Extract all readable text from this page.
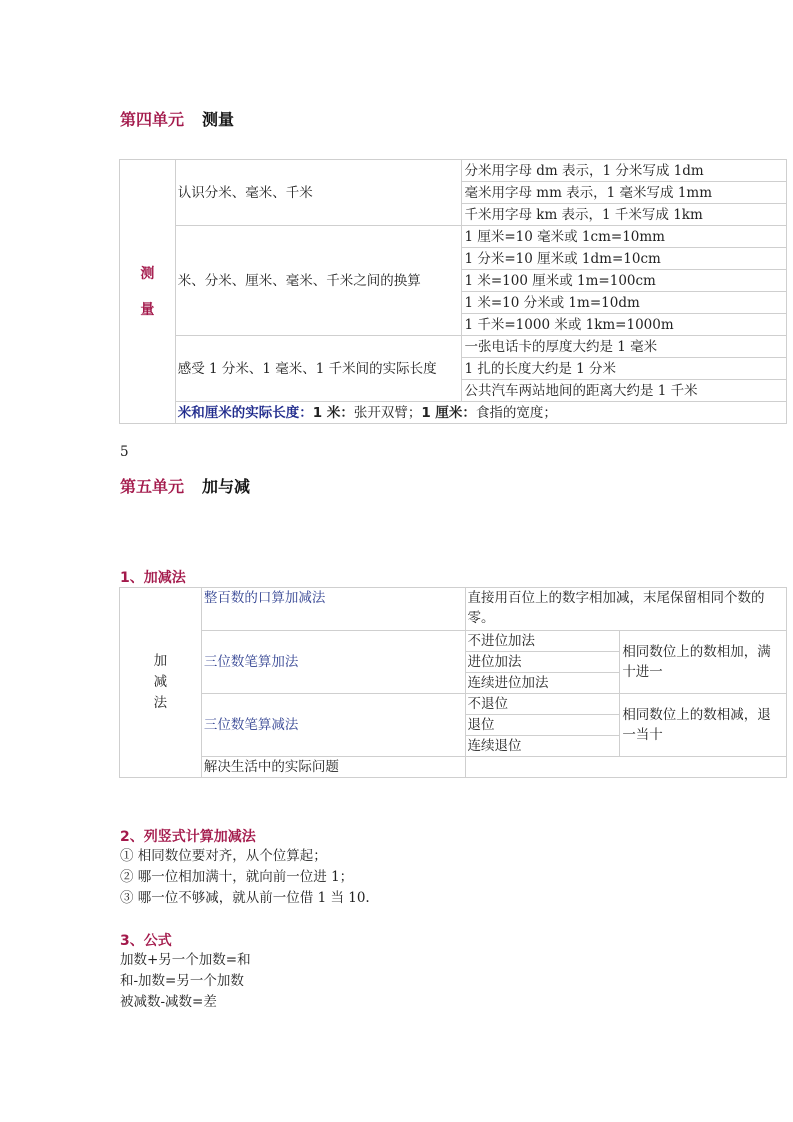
第四单元 测量
测
量	认识分米、毫米、千米	分米用字母 dm 表示，1 分米写成 1dm
		毫米用字母 mm 表示，1 毫米写成 1mm
		千米用字母 km 表示，1 千米写成 1km
	米、分米、厘米、毫米、千米之间的换算	1 厘米=10 毫米或 1cm=10mm
		1 分米=10 厘米或 1dm=10cm
		1 米=100 厘米或 1m=100cm
		1 米=10 分米或 1m=10dm
		1 千米=1000 米或 1km=1000m
	感受 1 分米、1 毫米、1 千米间的实际长度	一张电话卡的厚度大约是 1 毫米
		1 扎的长度大约是 1 分米
		公共汽车两站地间的距离大约是 1 千米
	米和厘米的实际长度：1 米：张开双臂；1 厘米：食指的宽度；	
5
第五单元 加与减
1、加减法
加
减
法	整百数的口算加减法	直接用百位上的数字相加减，末尾保留相同个数的零。	
	三位数笔算加法	不进位加法	相同数位上的数相加，满十进一
		进位加法	
		连续进位加法	
	三位数笔算减法	不退位	相同数位上的数相减，退一当十
		退位	
		连续退位	
	解决生活中的实际问题		
2、列竖式计算加减法
① 相同数位要对齐，从个位算起；
② 哪一位相加满十，就向前一位进 1；
③ 哪一位不够减，就从前一位借 1 当 10.
3、公式
加数+另一个加数=和
和-加数=另一个加数
被减数-减数=差
